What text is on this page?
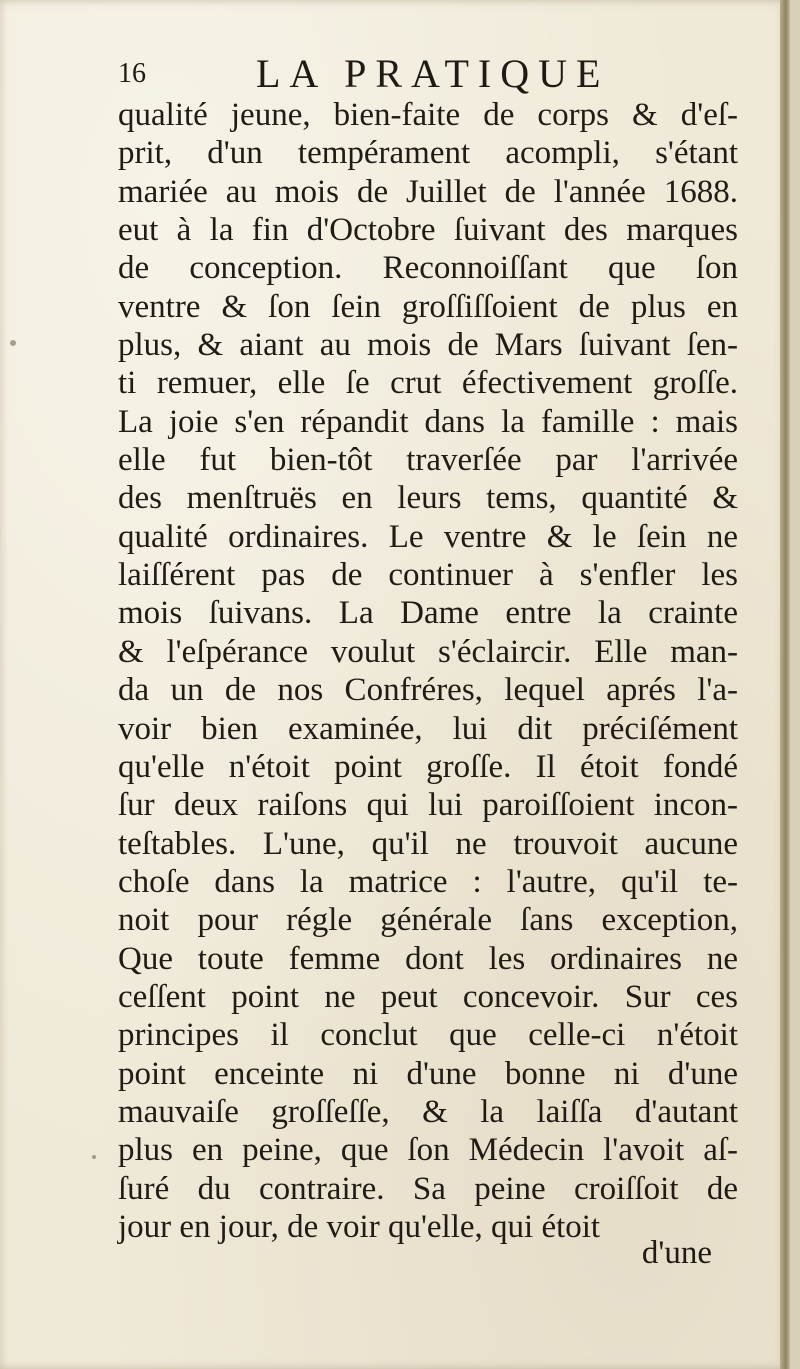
16	LA PRATIQUE
qualité jeune, bien-faite de corps & d'eſ-
prit, d'un tempérament acompli, s'étant
mariée au mois de Juillet de l'année 1688.
eut à la fin d'Octobre ſuivant des marques
de conception. Reconnoiſſant que ſon
ventre & ſon ſein groſſiſſoient de plus en
plus, & aiant au mois de Mars ſuivant ſen-
ti remuer, elle ſe crut éfectivement groſſe.
La joie s'en répandit dans la famille : mais
elle fut bien-tôt traverſée par l'arrivée
des menſtruës en leurs tems, quantité &
qualité ordinaires. Le ventre & le ſein ne
laiſſérent pas de continuer à s'enfler les
mois ſuivans. La Dame entre la crainte
& l'eſpérance voulut s'éclaircir. Elle man-
da un de nos Confréres, lequel aprés l'a-
voir bien examinée, lui dit préciſément
qu'elle n'étoit point groſſe. Il étoit fondé
ſur deux raiſons qui lui paroiſſoient incon-
teſtables. L'une, qu'il ne trouvoit aucune
choſe dans la matrice : l'autre, qu'il te-
noit pour régle générale ſans exception,
Que toute femme dont les ordinaires ne
ceſſent point ne peut concevoir. Sur ces
principes il conclut que celle-ci n'étoit
point enceinte ni d'une bonne ni d'une
mauvaiſe groſſeſſe, & la laiſſa d'autant
plus en peine, que ſon Médecin l'avoit aſ-
ſuré du contraire. Sa peine croiſſoit de
jour en jour, de voir qu'elle, qui étoit
d'une
